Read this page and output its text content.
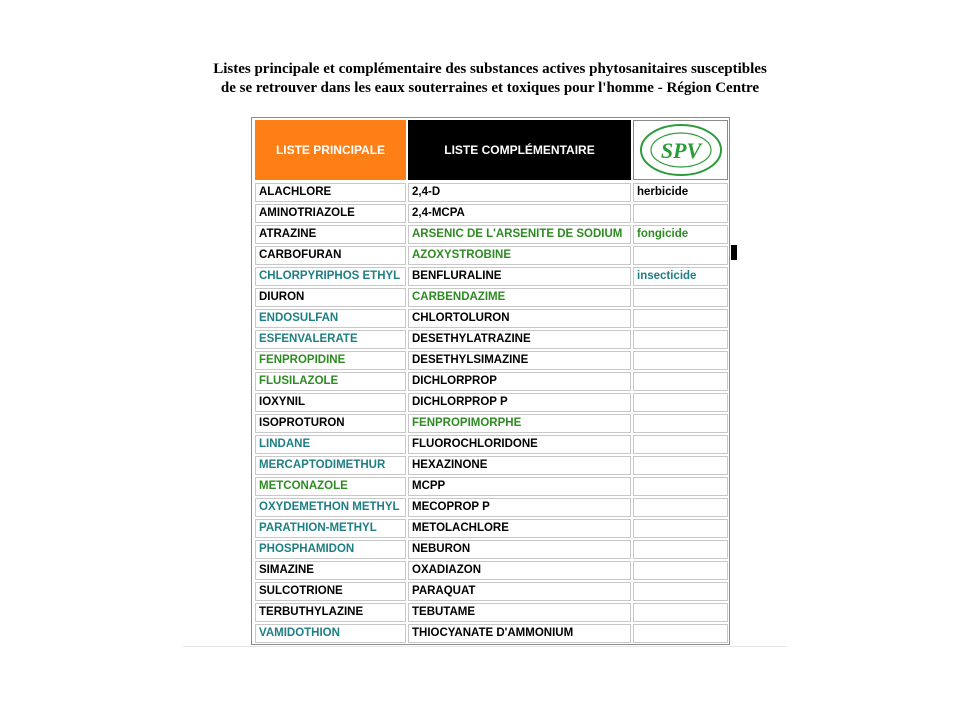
Listes principale et complémentaire des substances actives phytosanitaires susceptibles
de se retrouver dans les eaux souterraines et toxiques pour l'homme - Région Centre
LISTE PRINCIPALE	LISTE COMPLÉMENTAIRE	SPV
ALACHLORE	2,4-D	herbicide
AMINOTRIAZOLE	2,4-MCPA
ATRAZINE	ARSENIC DE L'ARSENITE DE SODIUM	fongicide
CARBOFURAN	AZOXYSTROBINE
CHLORPYRIPHOS ETHYL	BENFLURALINE	insecticide
DIURON	CARBENDAZIME
ENDOSULFAN	CHLORTOLURON
ESFENVALERATE	DESETHYLATRAZINE
FENPROPIDINE	DESETHYLSIMAZINE
FLUSILAZOLE	DICHLORPROP
IOXYNIL	DICHLORPROP P
ISOPROTURON	FENPROPIMORPHE
LINDANE	FLUOROCHLORIDONE
MERCAPTODIMETHUR	HEXAZINONE
METCONAZOLE	MCPP
OXYDEMETHON METHYL	MECOPROP P
PARATHION-METHYL	METOLACHLORE
PHOSPHAMIDON	NEBURON
SIMAZINE	OXADIAZON
SULCOTRIONE	PARAQUAT
TERBUTHYLAZINE	TEBUTAME
VAMIDOTHION	THIOCYANATE D'AMMONIUM
